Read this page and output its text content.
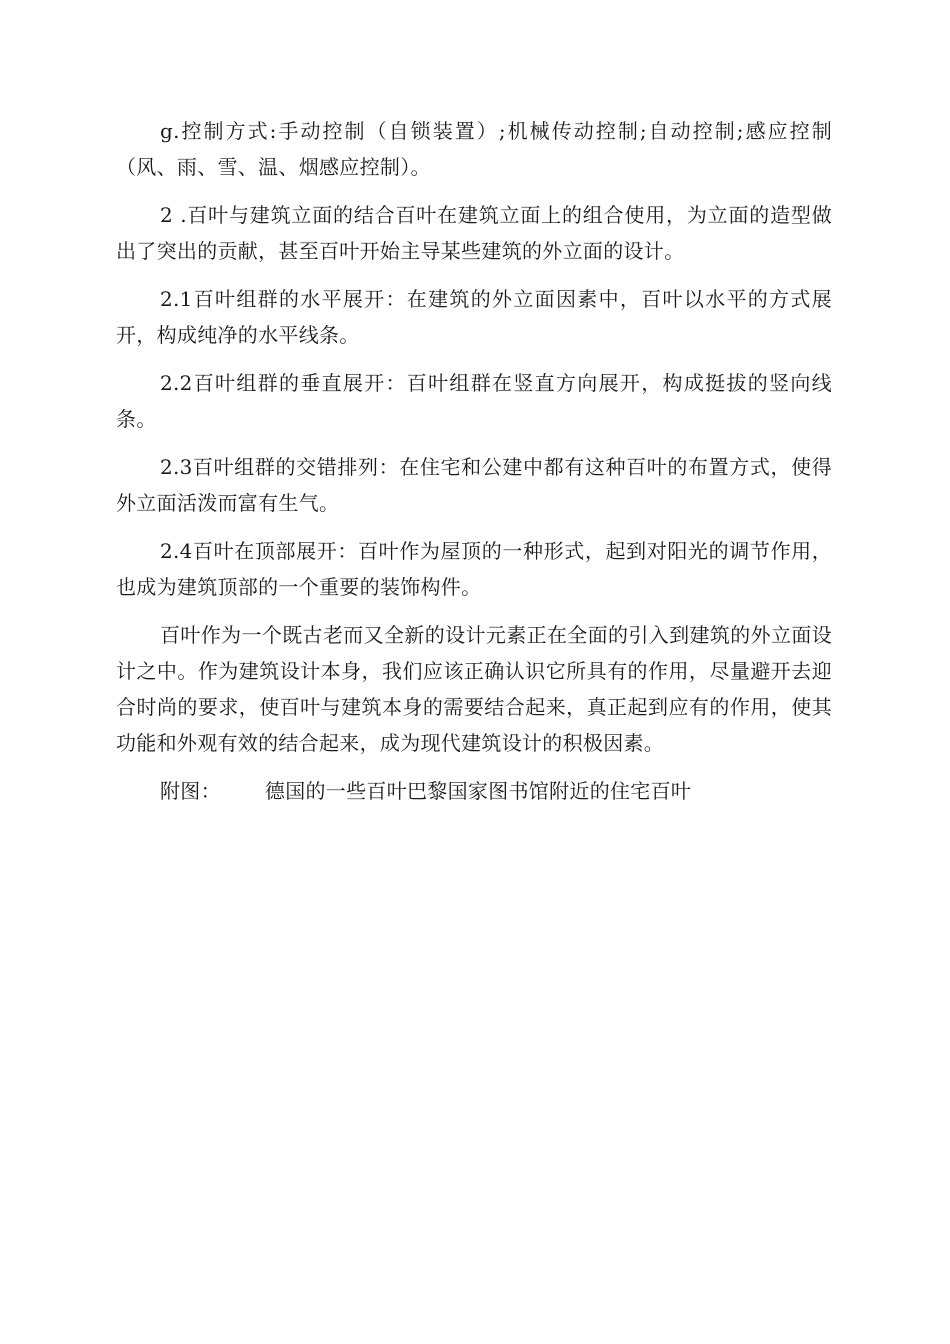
g.控制方式:手动控制（自锁装置）;机械传动控制;自动控制;感应控制（风、雨、雪、温、烟感应控制）。

2 .百叶与建筑立面的结合百叶在建筑立面上的组合使用，为立面的造型做出了突出的贡献，甚至百叶开始主导某些建筑的外立面的设计。

2.1百叶组群的水平展开：在建筑的外立面因素中，百叶以水平的方式展开，构成纯净的水平线条。

2.2百叶组群的垂直展开：百叶组群在竖直方向展开，构成挺拔的竖向线条。

2.3百叶组群的交错排列：在住宅和公建中都有这种百叶的布置方式，使得外立面活泼而富有生气。

2.4百叶在顶部展开：百叶作为屋顶的一种形式，起到对阳光的调节作用，也成为建筑顶部的一个重要的装饰构件。

百叶作为一个既古老而又全新的设计元素正在全面的引入到建筑的外立面设计之中。作为建筑设计本身，我们应该正确认识它所具有的作用，尽量避开去迎合时尚的要求，使百叶与建筑本身的需要结合起来，真正起到应有的作用，使其功能和外观有效的结合起来，成为现代建筑设计的积极因素。

附图： 德国的一些百叶巴黎国家图书馆附近的住宅百叶
